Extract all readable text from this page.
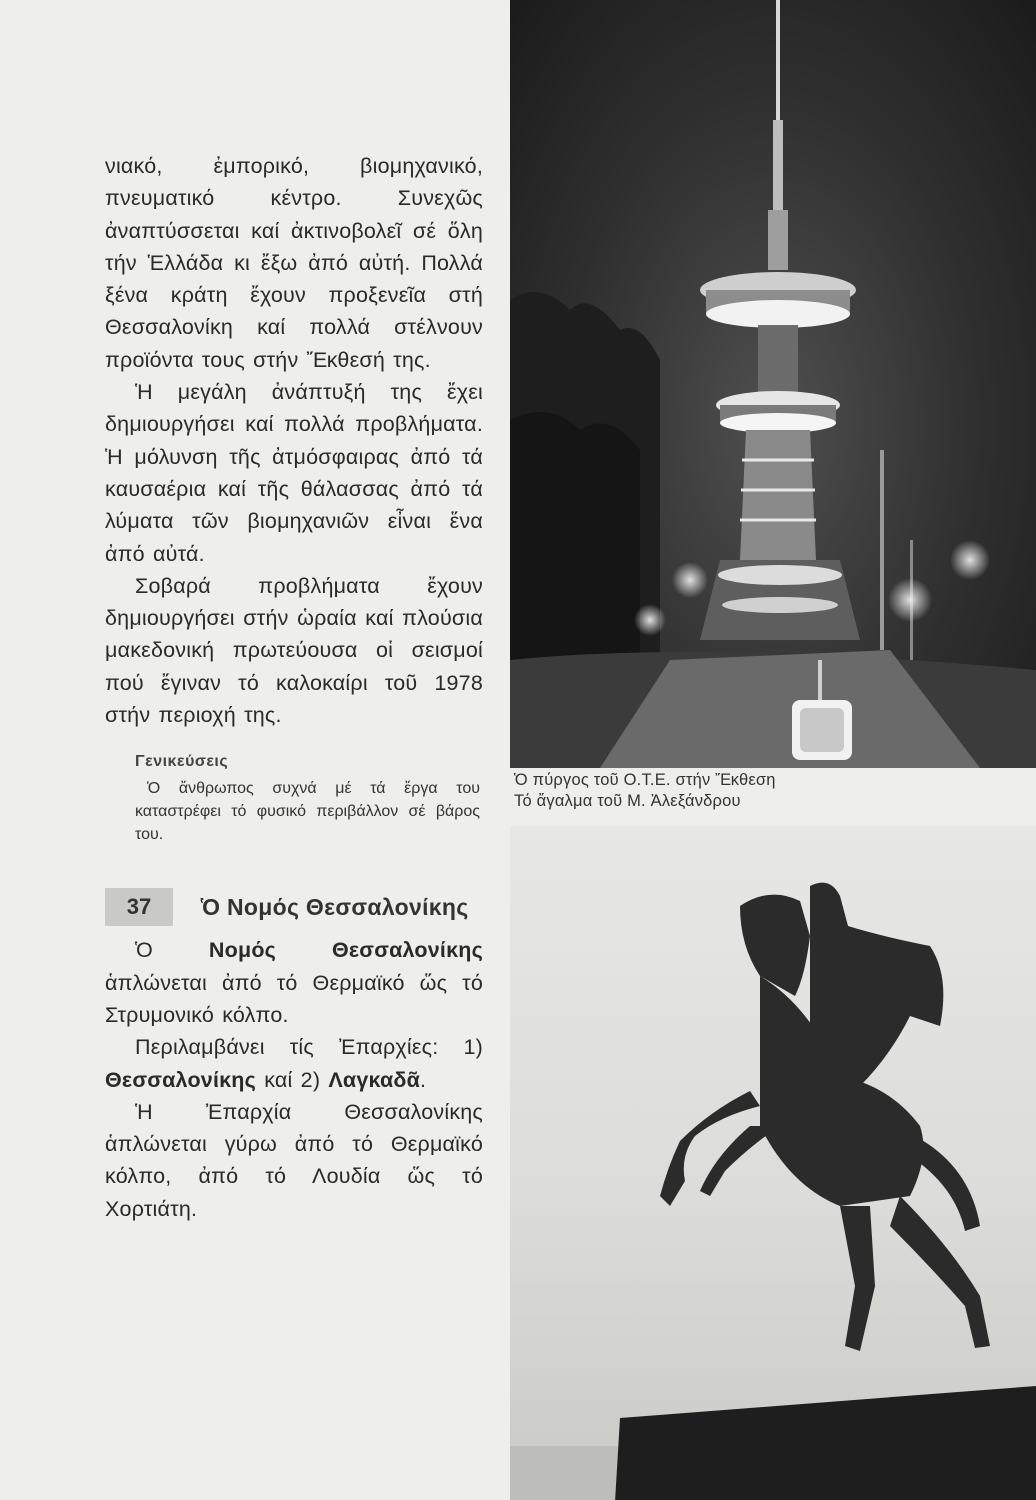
νιακό, ἐμπορικό, βιομηχανικό, πνευματικό κέντρο. Συνεχῶς ἀναπτύσσεται καί ἀκτινοβολεῖ σέ ὅλη τήν Ἑλλάδα κι ἔξω ἀπό αὐτή. Πολλά ξένα κράτη ἔχουν προξενεῖα στή Θεσσαλονίκη καί πολλά στέλνουν προϊόντα τους στήν Ἔκθεσή της.

Ἡ μεγάλη ἀνάπτυξή της ἔχει δημιουργήσει καί πολλά προβλήματα. Ἡ μόλυνση τῆς ἀτμόσφαιρας ἀπό τά καυσαέρια καί τῆς θάλασσας ἀπό τά λύματα τῶν βιομηχανιῶν εἶναι ἕνα ἀπό αὐτά.

Σοβαρά προβλήματα ἔχουν δημιουργήσει στήν ὡραία καί πλούσια μακεδονική πρωτεύουσα οἱ σεισμοί πού ἔγιναν τό καλοκαίρι τοῦ 1978 στήν περιοχή της.

Γενικεύσεις
Ὁ ἄνθρωπος συχνά μέ τά ἔργα του καταστρέφει τό φυσικό περιβάλλον σέ βάρος του.
37	Ὁ Νομός Θεσσαλονίκης

Ὁ Νομός Θεσσαλονίκης ἁπλώνεται ἀπό τό Θερμαϊκό ὥς τό Στρυμονικό κόλπο.

Περιλαμβάνει τίς Ἐπαρχίες: 1) Θεσσαλονίκης καί 2) Λαγκαδᾶ.

Ἡ Ἐπαρχία Θεσσαλονίκης ἁπλώνεται γύρω ἀπό τό Θερμαϊκό κόλπο, ἀπό τό Λουδία ὥς τό Χορτιάτη.

Ὁ πύργος τοῦ Ο.Τ.Ε. στήν Ἔκθεση
Τό ἄγαλμα τοῦ Μ. Ἀλεξάνδρου
